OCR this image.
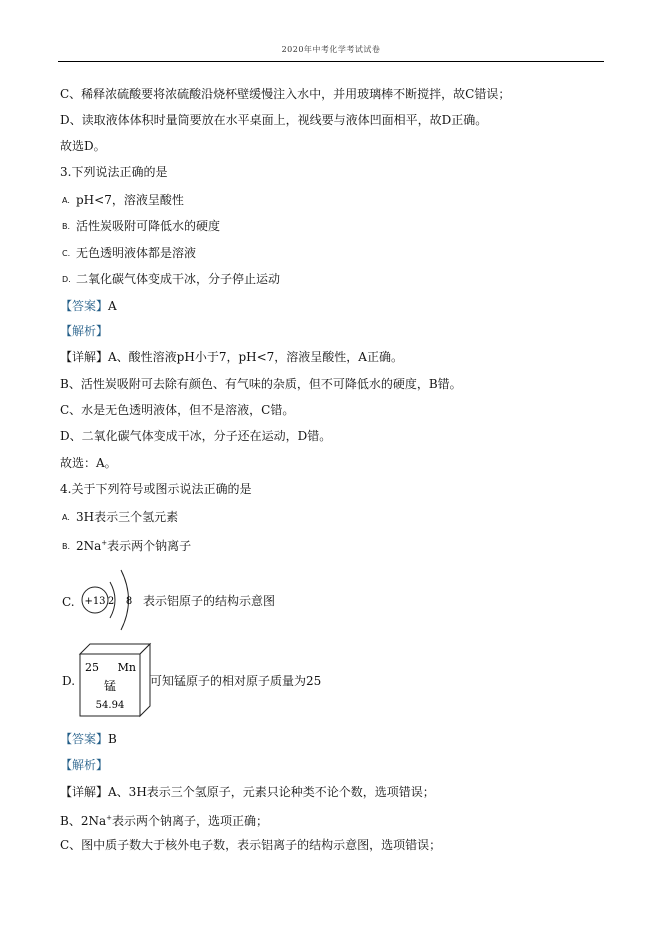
2020年中考化学考试试卷
C、稀释浓硫酸要将浓硫酸沿烧杯壁缓慢注入水中，并用玻璃棒不断搅拌，故C错误；
D、读取液体体积时量筒要放在水平桌面上，视线要与液体凹面相平，故D正确。
故选D。
3.下列说法正确的是
A. pH<7，溶液呈酸性
B. 活性炭吸附可降低水的硬度
C. 无色透明液体都是溶液
D. 二氧化碳气体变成干冰，分子停止运动
【答案】A
【解析】
【详解】A、酸性溶液pH小于7，pH<7，溶液呈酸性，A正确。
B、活性炭吸附可去除有颜色、有气味的杂质，但不可降低水的硬度，B错。
C、水是无色透明液体，但不是溶液，C错。
D、二氧化碳气体变成干冰，分子还在运动，D错。
故选：A。
4.关于下列符号或图示说法正确的是
A. 3H表示三个氢元素
B. 2Na+表示两个钠离子
C. +13 2 8 表示铝原子的结构示意图
D.
25 Mn
锰
54.94
可知锰原子的相对原子质量为25
【答案】B
【解析】
【详解】A、3H表示三个氢原子，元素只论种类不论个数，选项错误；
B、2Na+表示两个钠离子，选项正确；
C、图中质子数大于核外电子数，表示铝离子的结构示意图，选项错误；
